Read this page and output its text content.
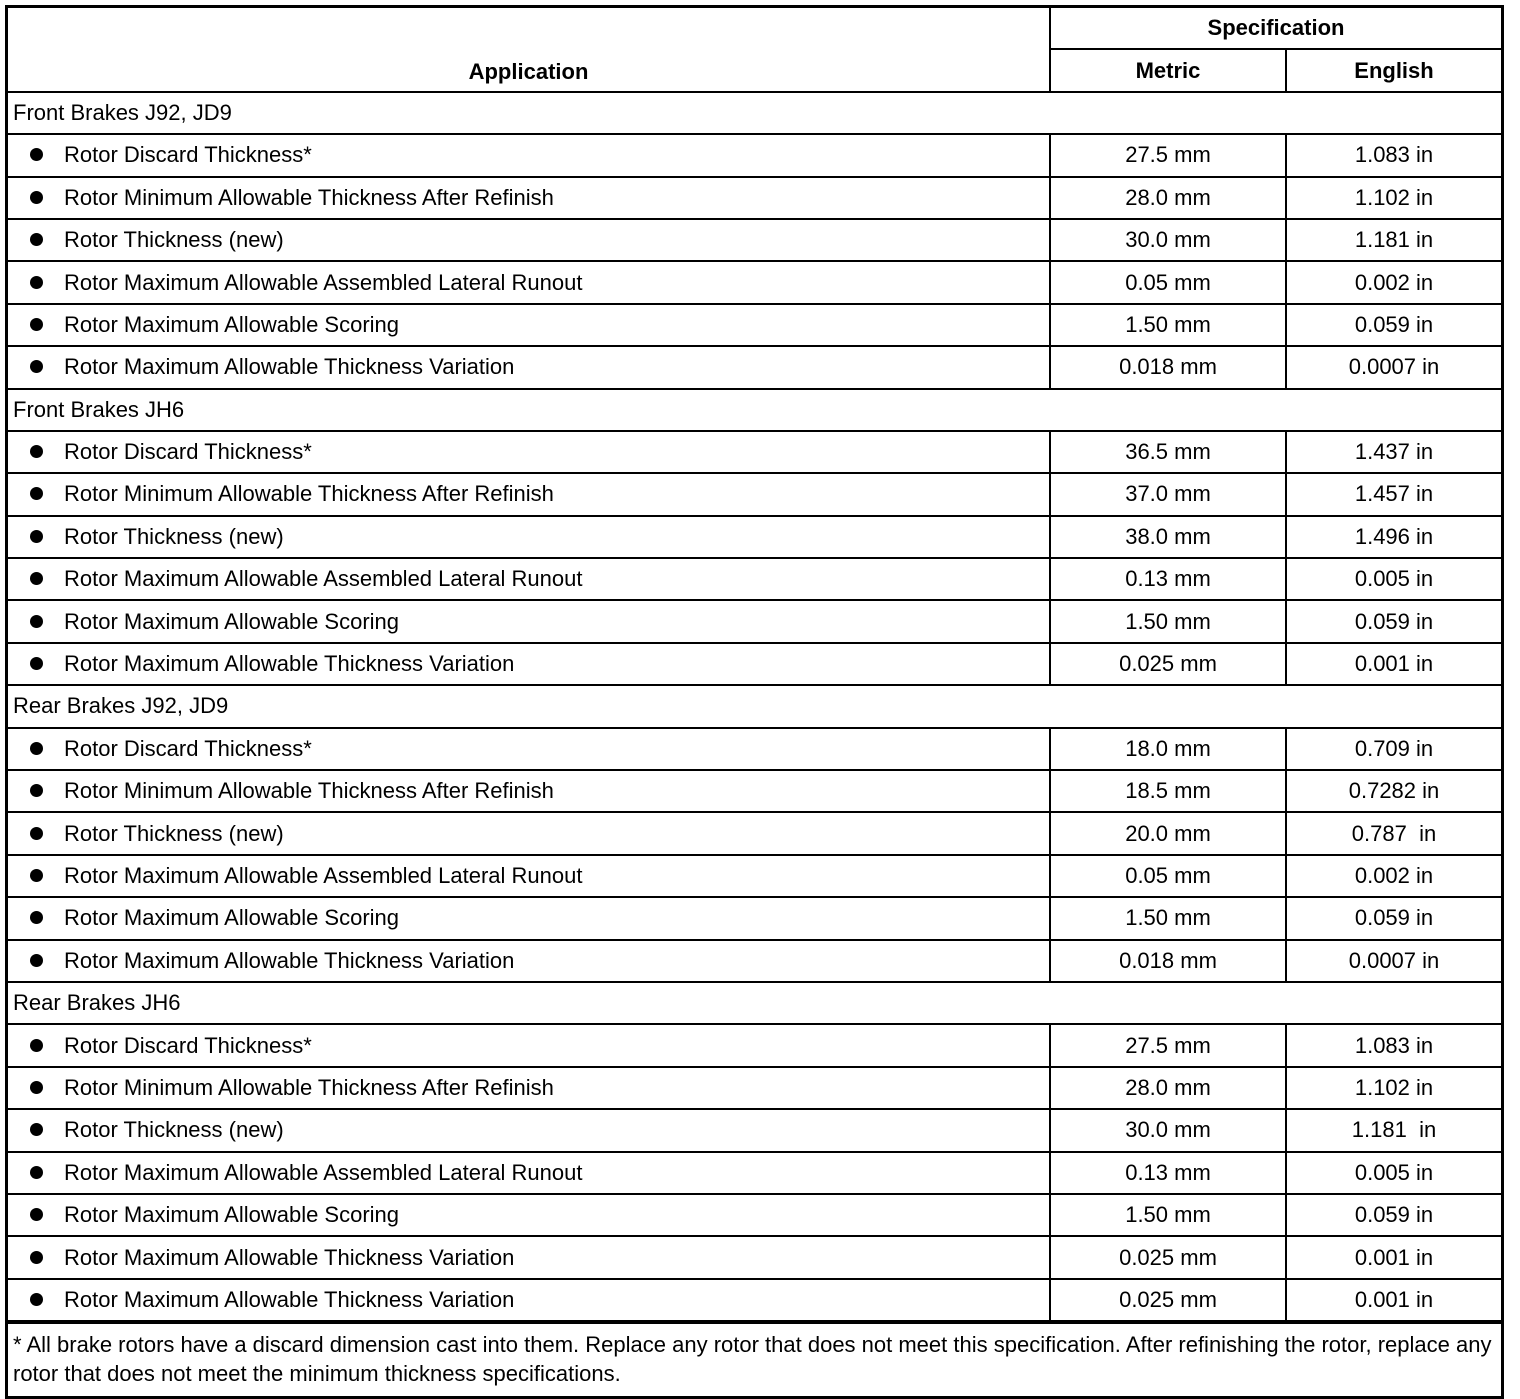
Application	Specification	
	Metric	English
Front Brakes J92, JD9		
Rotor Discard Thickness*	27.5 mm	1.083 in
Rotor Minimum Allowable Thickness After Refinish	28.0 mm	1.102 in
Rotor Thickness (new)	30.0 mm	1.181 in
Rotor Maximum Allowable Assembled Lateral Runout	0.05 mm	0.002 in
Rotor Maximum Allowable Scoring	1.50 mm	0.059 in
Rotor Maximum Allowable Thickness Variation	0.018 mm	0.0007 in
Front Brakes JH6		
Rotor Discard Thickness*	36.5 mm	1.437 in
Rotor Minimum Allowable Thickness After Refinish	37.0 mm	1.457 in
Rotor Thickness (new)	38.0 mm	1.496 in
Rotor Maximum Allowable Assembled Lateral Runout	0.13 mm	0.005 in
Rotor Maximum Allowable Scoring	1.50 mm	0.059 in
Rotor Maximum Allowable Thickness Variation	0.025 mm	0.001 in
Rear Brakes J92, JD9		
Rotor Discard Thickness*	18.0 mm	0.709 in
Rotor Minimum Allowable Thickness After Refinish	18.5 mm	0.7282 in
Rotor Thickness (new)	20.0 mm	0.787  in
Rotor Maximum Allowable Assembled Lateral Runout	0.05 mm	0.002 in
Rotor Maximum Allowable Scoring	1.50 mm	0.059 in
Rotor Maximum Allowable Thickness Variation	0.018 mm	0.0007 in
Rear Brakes JH6		
Rotor Discard Thickness*	27.5 mm	1.083 in
Rotor Minimum Allowable Thickness After Refinish	28.0 mm	1.102 in
Rotor Thickness (new)	30.0 mm	1.181  in
Rotor Maximum Allowable Assembled Lateral Runout	0.13 mm	0.005 in
Rotor Maximum Allowable Scoring	1.50 mm	0.059 in
Rotor Maximum Allowable Thickness Variation	0.025 mm	0.001 in
Rotor Maximum Allowable Thickness Variation	0.025 mm	0.001 in
* All brake rotors have a discard dimension cast into them. Replace any rotor that does not meet this specification. After refinishing the rotor, replace any rotor that does not meet the minimum thickness specifications.
